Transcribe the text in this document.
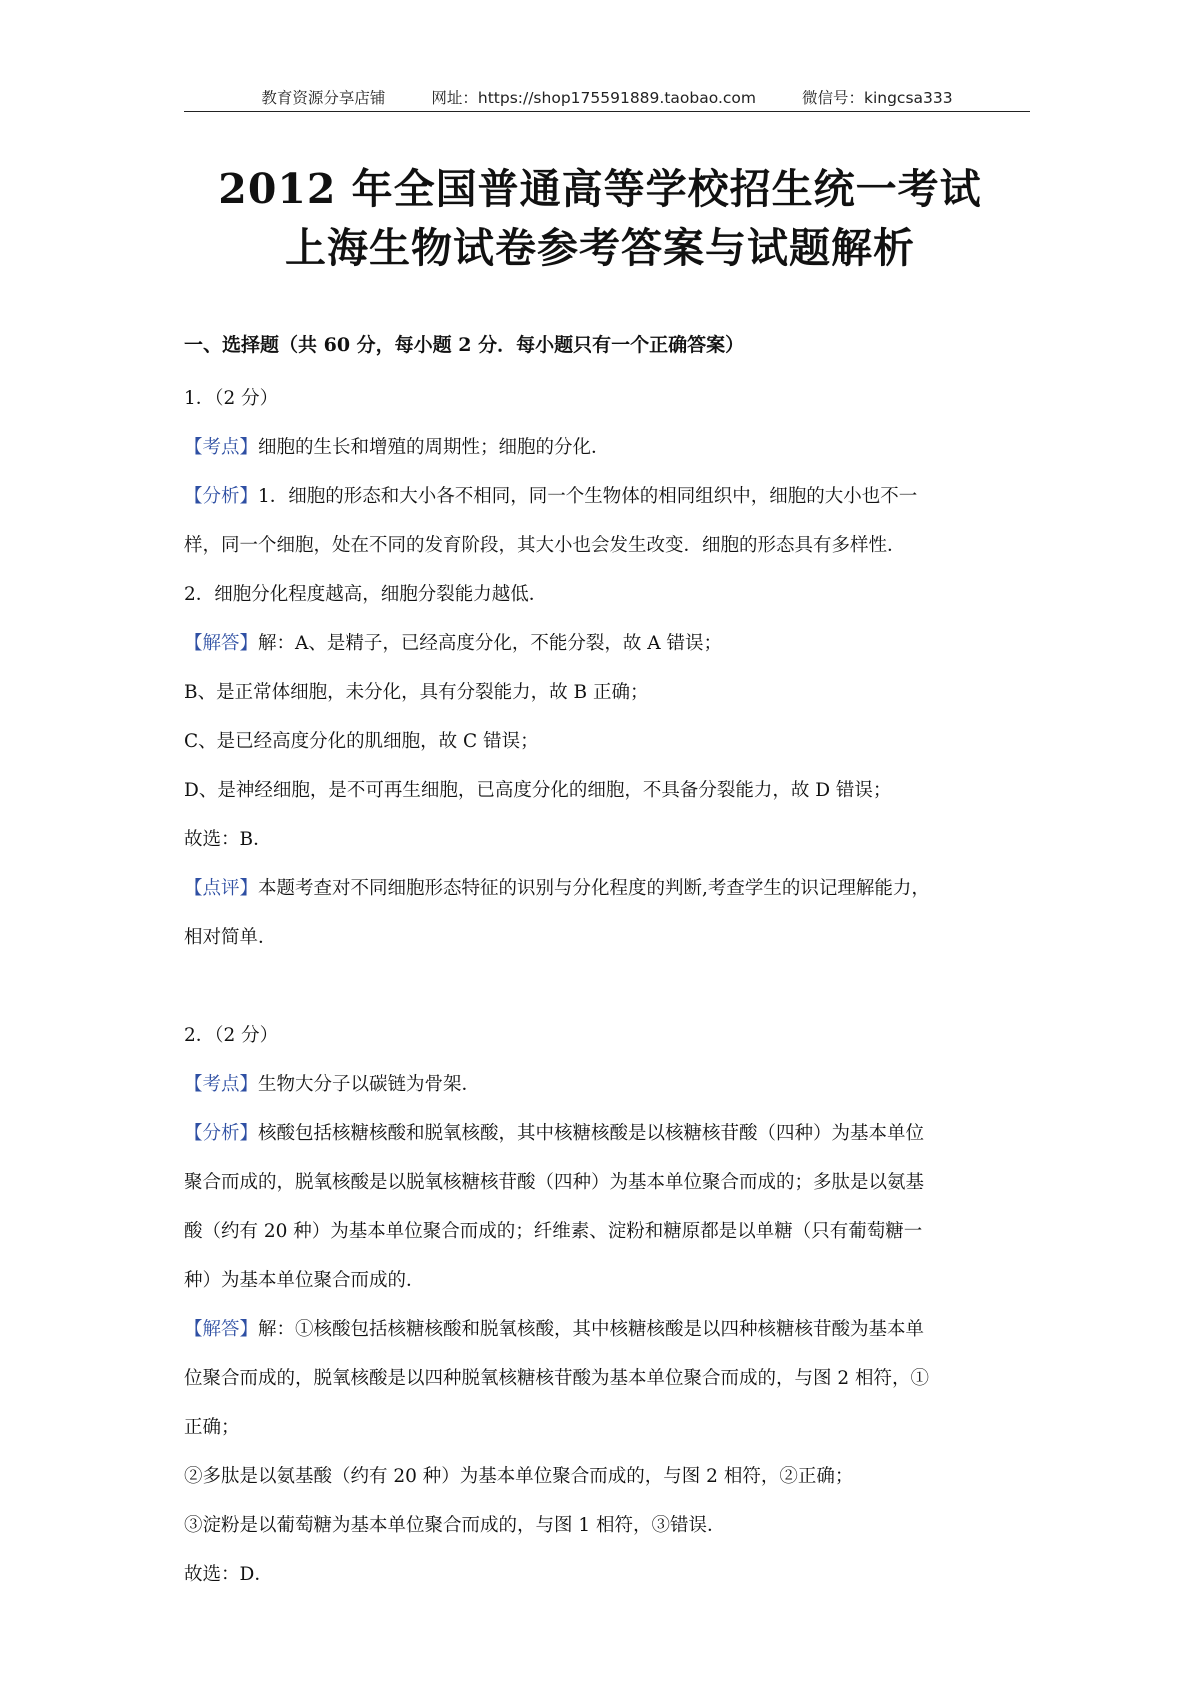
教育资源分享店铺	网址：https://shop175591889.taobao.com	微信号：kingcsa333
2012 年全国普通高等学校招生统一考试
上海生物试卷参考答案与试题解析
一、选择题（共 60 分，每小题 2 分．每小题只有一个正确答案）
1．（2 分）
【考点】细胞的生长和增殖的周期性；细胞的分化．
【分析】1．细胞的形态和大小各不相同，同一个生物体的相同组织中，细胞的大小也不一
样，同一个细胞，处在不同的发育阶段，其大小也会发生改变．细胞的形态具有多样性．
2．细胞分化程度越高，细胞分裂能力越低．
【解答】解：A、是精子，已经高度分化，不能分裂，故 A 错误；
B、是正常体细胞，未分化，具有分裂能力，故 B 正确；
C、是已经高度分化的肌细胞，故 C 错误；
D、是神经细胞，是不可再生细胞，已高度分化的细胞，不具备分裂能力，故 D 错误；
故选：B．
【点评】本题考查对不同细胞形态特征的识别与分化程度的判断,考查学生的识记理解能力，
相对简单．
2．（2 分）
【考点】生物大分子以碳链为骨架．
【分析】核酸包括核糖核酸和脱氧核酸，其中核糖核酸是以核糖核苷酸（四种）为基本单位
聚合而成的，脱氧核酸是以脱氧核糖核苷酸（四种）为基本单位聚合而成的；多肽是以氨基
酸（约有 20 种）为基本单位聚合而成的；纤维素、淀粉和糖原都是以单糖（只有葡萄糖一
种）为基本单位聚合而成的．
【解答】解：①核酸包括核糖核酸和脱氧核酸，其中核糖核酸是以四种核糖核苷酸为基本单
位聚合而成的，脱氧核酸是以四种脱氧核糖核苷酸为基本单位聚合而成的，与图 2 相符，①
正确；
②多肽是以氨基酸（约有 20 种）为基本单位聚合而成的，与图 2 相符，②正确；
③淀粉是以葡萄糖为基本单位聚合而成的，与图 1 相符，③错误．
故选：D．
